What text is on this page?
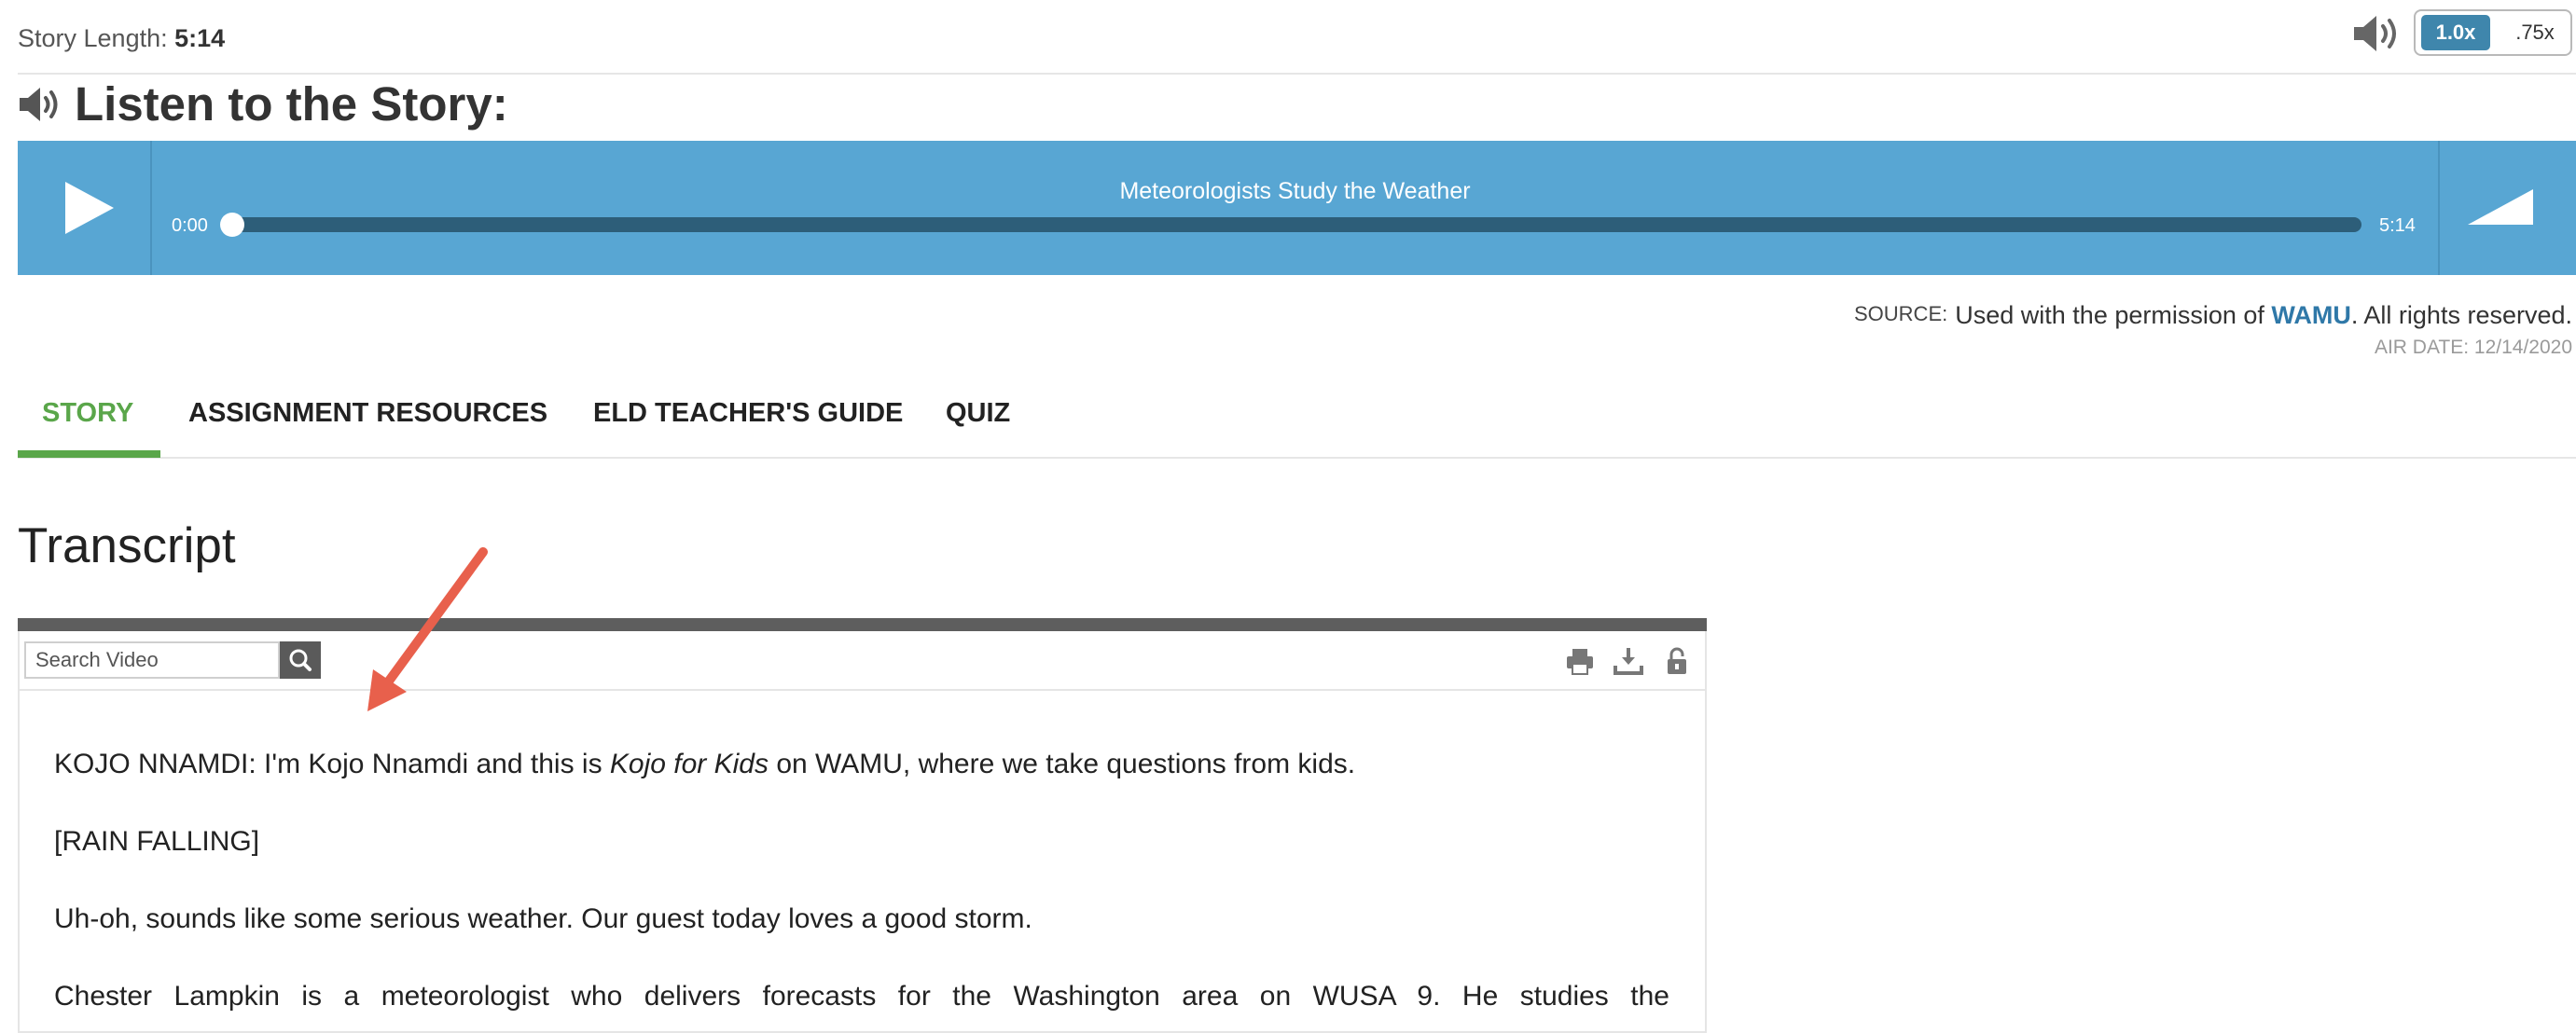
Story Length: 5:14	1.0x	.75x
Listen to the Story:
Meteorologists Study the Weather
0:00	5:14
SOURCE: Used with the permission of WAMU. All rights reserved.
AIR DATE: 12/14/2020
STORY ASSIGNMENT RESOURCES ELD TEACHER'S GUIDE QUIZ
Transcript
Search Video
KOJO NNAMDI: I'm Kojo Nnamdi and this is Kojo for Kids on WAMU, where we take questions from kids.
[RAIN FALLING]
Uh-oh, sounds like some serious weather. Our guest today loves a good storm.
Chester Lampkin is a meteorologist who delivers forecasts for the Washington area on WUSA 9. He studies the
